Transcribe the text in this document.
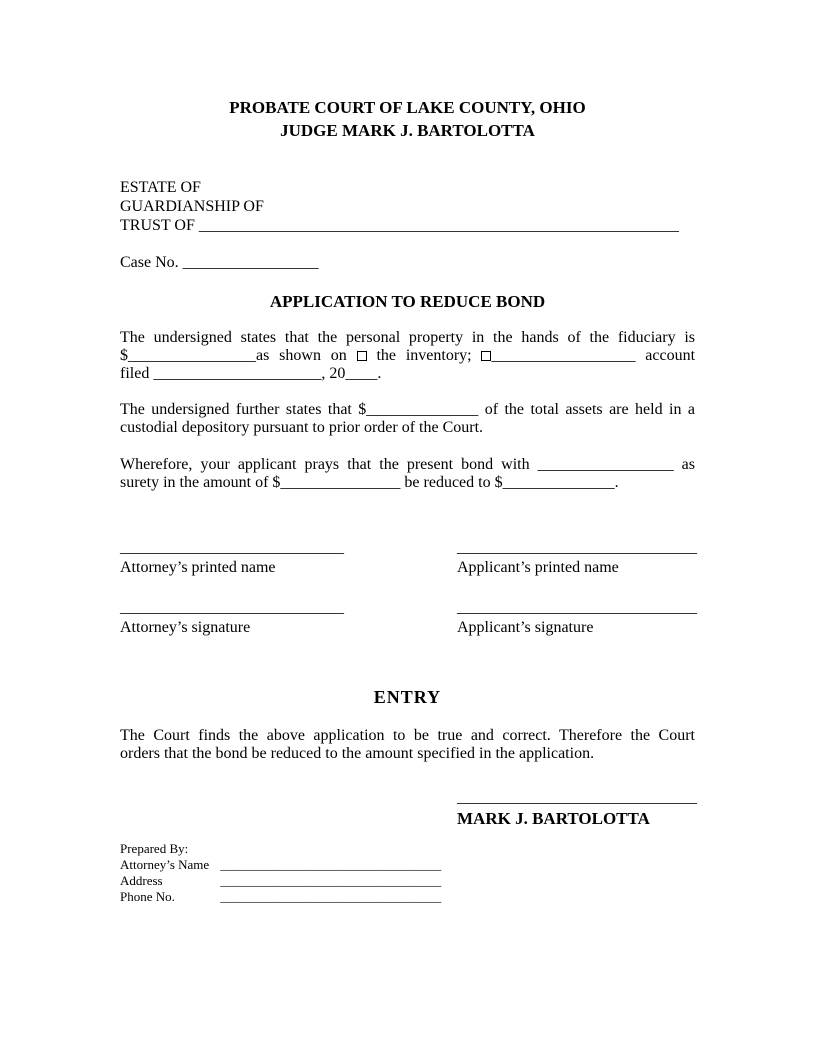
PROBATE COURT OF LAKE COUNTY, OHIO
JUDGE MARK J. BARTOLOTTA
ESTATE OF
GUARDIANSHIP OF
TRUST OF ____________________________________________________________
Case No. _________________
APPLICATION TO REDUCE BOND
The undersigned states that the personal property in the hands of the fiduciary is
$________________as shown on the inventory; __________________ account
filed _____________________, 20____.
The undersigned further states that $______________ of the total assets are held in a
custodial depository pursuant to prior order of the Court.
Wherefore, your applicant prays that the present bond with _________________ as
surety in the amount of $_______________ be reduced to $______________.
____________________________
Attorney’s printed name
______________________________
Applicant’s printed name
____________________________
Attorney’s signature
______________________________
Applicant’s signature
ENTRY
The Court finds the above application to be true and correct. Therefore the Court
orders that the bond be reduced to the amount specified in the application.
______________________________
MARK J. BARTOLOTTA
Prepared By:
Attorney’s Name __________________________________
Address	__________________________________
Phone No.	__________________________________
